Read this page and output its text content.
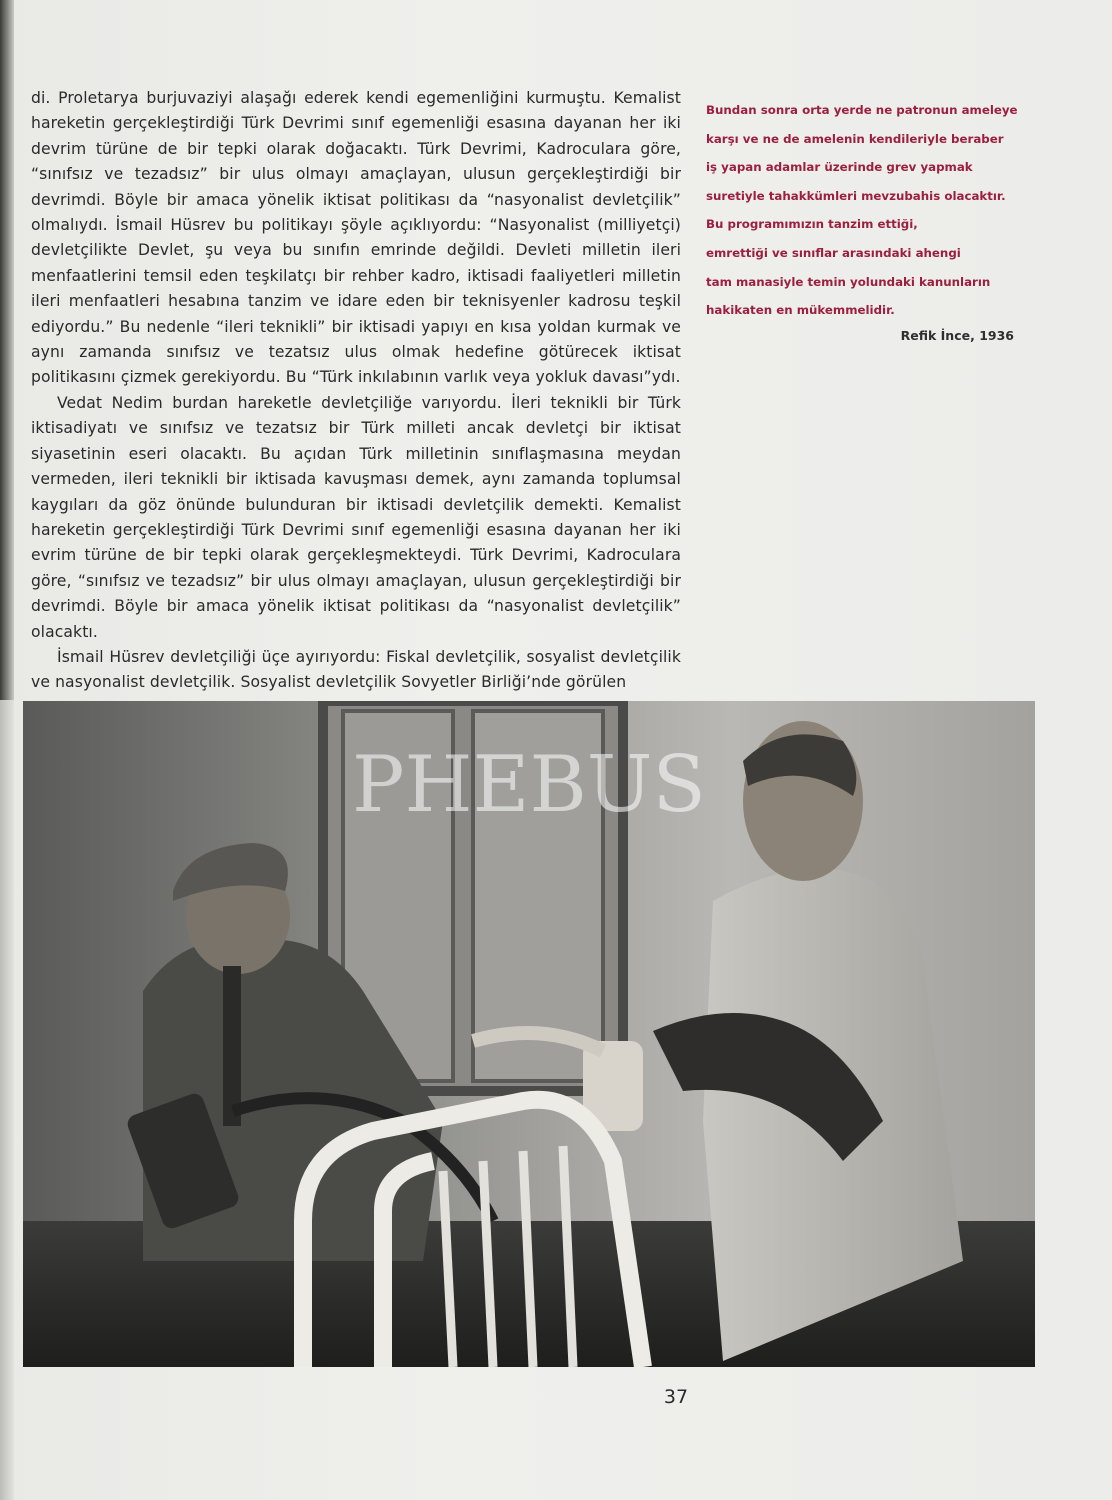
di. Proletarya burjuvaziyi alaşağı ederek kendi egemenliğini kurmuştu. Kemalist hareketin gerçekleştirdiği Türk Devrimi sınıf egemenliği esasına dayanan her iki devrim türüne de bir tepki olarak doğacaktı. Türk Devrimi, Kadroculara göre, “sınıfsız ve tezadsız” bir ulus olmayı amaçlayan, ulusun gerçekleştirdiği bir devrimdi. Böyle bir amaca yönelik iktisat politikası da “nasyonalist devletçilik” olmalıydı. İsmail Hüsrev bu politikayı şöyle açıklıyordu: “Nasyonalist (milliyetçi) devletçilikte Devlet, şu veya bu sınıfın emrinde değildi. Devleti milletin ileri menfaatlerini temsil eden teşkilatçı bir rehber kadro, iktisadi faaliyetleri milletin ileri menfaatleri hesabına tanzim ve idare eden bir teknisyenler kadrosu teşkil ediyordu.” Bu nedenle “ileri teknikli” bir iktisadi yapıyı en kısa yoldan kurmak ve aynı zamanda sınıfsız ve tezatsız ulus olmak hedefine götürecek iktisat politikasını çizmek gerekiyordu. Bu “Türk inkılabının varlık veya yokluk davası”ydı.

Vedat Nedim burdan hareketle devletçiliğe varıyordu. İleri teknikli bir Türk iktisadiyatı ve sınıfsız ve tezatsız bir Türk milleti ancak devletçi bir iktisat siyasetinin eseri olacaktı. Bu açıdan Türk milletinin sınıflaşmasına meydan vermeden, ileri teknikli bir iktisada kavuşması demek, aynı zamanda toplumsal kaygıları da göz önünde bulunduran bir iktisadi devletçilik demekti. Kemalist hareketin gerçekleştirdiği Türk Devrimi sınıf egemenliği esasına dayanan her iki evrim türüne de bir tepki olarak gerçekleşmekteydi. Türk Devrimi, Kadroculara göre, “sınıfsız ve tezadsız” bir ulus olmayı amaçlayan, ulusun gerçekleştirdiği bir devrimdi. Böyle bir amaca yönelik iktisat politikası da “nasyonalist devletçilik” olacaktı.

İsmail Hüsrev devletçiliği üçe ayırıyordu: Fiskal devletçilik, sosyalist devletçilik ve nasyonalist devletçilik. Sosyalist devletçilik Sovyetler Birliği’nde görülen

Bundan sonra orta yerde ne patronun ameleye

karşı ve ne de amelenin kendileriyle beraber

iş yapan adamlar üzerinde grev yapmak

suretiyle tahakkümleri mevzubahis olacaktır.

Bu programımızın tanzim ettiği,

emrettiği ve sınıflar arasındaki ahengi

tam manasiyle temin yolundaki kanunların

hakikaten en mükemmelidir.

Refik İnce, 1936
PHEBUS
37
